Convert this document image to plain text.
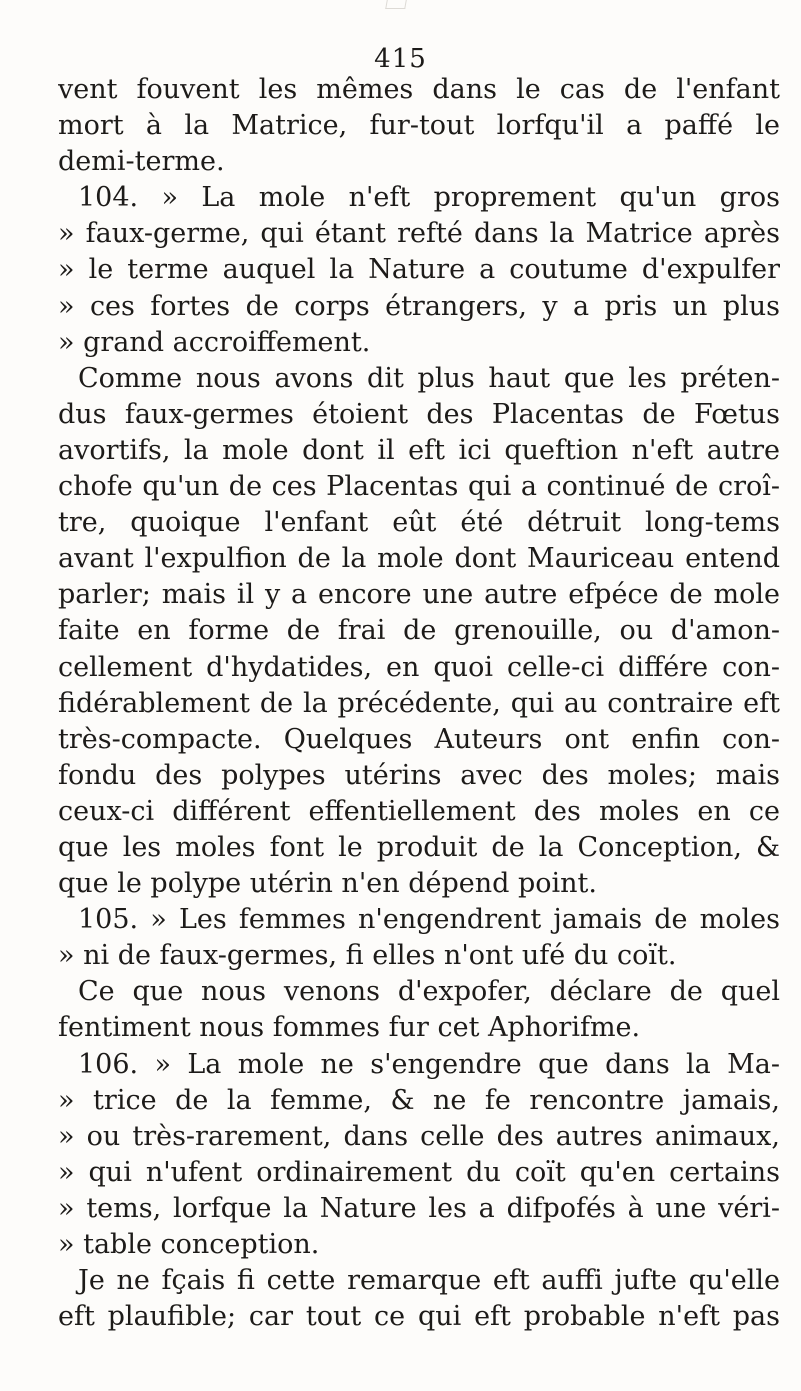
415
vent fouvent les mêmes dans le cas de l'enfant
mort à la Matrice, fur-tout lorfqu'il a paffé le
demi-terme.
104. » La mole n'eft proprement qu'un gros
» faux-germe, qui étant refté dans la Matrice après
» le terme auquel la Nature a coutume d'expulfer
» ces fortes de corps étrangers, y a pris un plus
» grand accroiffement.
Comme nous avons dit plus haut que les préten-
dus faux-germes étoient des Placentas de Fœtus
avortifs, la mole dont il eft ici queftion n'eft autre
chofe qu'un de ces Placentas qui a continué de croî-
tre, quoique l'enfant eût été détruit long-tems
avant l'expulfion de la mole dont Mauriceau entend
parler; mais il y a encore une autre efpéce de mole
faite en forme de frai de grenouille, ou d'amon-
cellement d'hydatides, en quoi celle-ci différe con-
fidérablement de la précédente, qui au contraire eft
très-compacte. Quelques Auteurs ont enfin con-
fondu des polypes utérins avec des moles; mais
ceux-ci différent effentiellement des moles en ce
que les moles font le produit de la Conception, &
que le polype utérin n'en dépend point.
105. » Les femmes n'engendrent jamais de moles
» ni de faux-germes, fi elles n'ont ufé du coït.
Ce que nous venons d'expofer, déclare de quel
fentiment nous fommes fur cet Aphorifme.
106. » La mole ne s'engendre que dans la Ma-
» trice de la femme, & ne fe rencontre jamais,
» ou très-rarement, dans celle des autres animaux,
» qui n'ufent ordinairement du coït qu'en certains
» tems, lorfque la Nature les a difpofés à une véri-
» table conception.
Je ne fçais fi cette remarque eft auffi jufte qu'elle
eft plaufible; car tout ce qui eft probable n'eft pas
